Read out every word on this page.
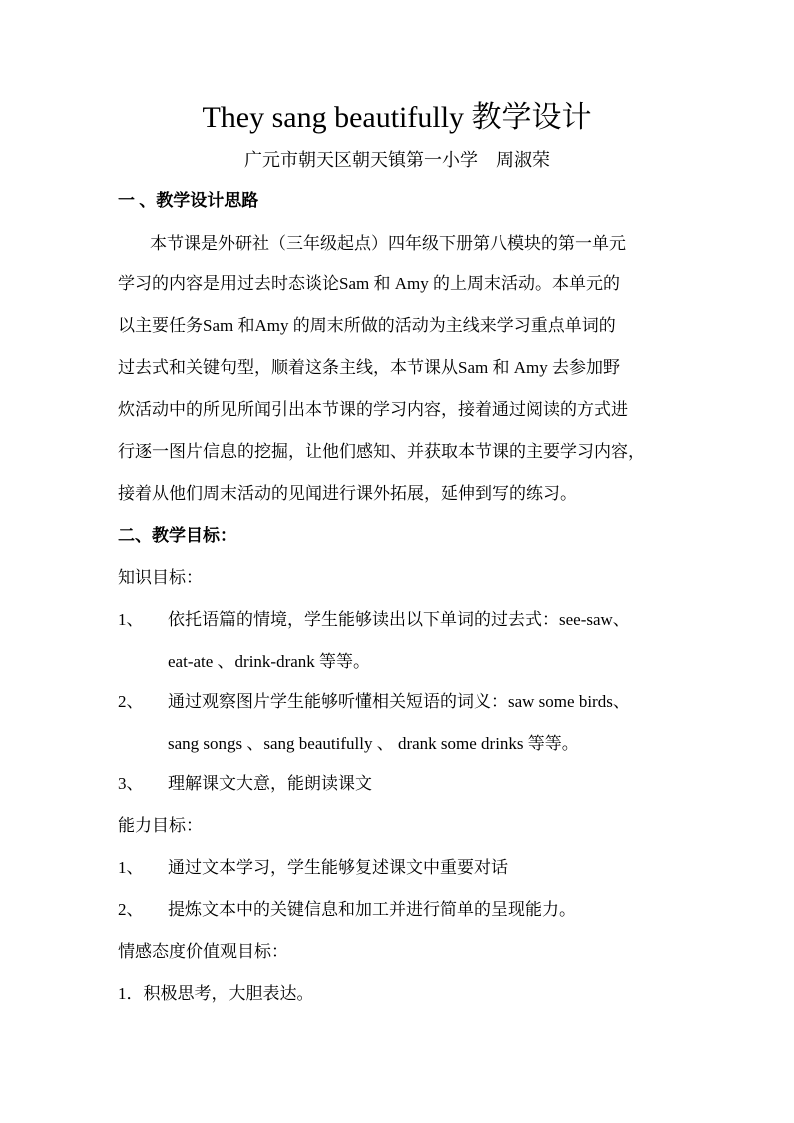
They sang beautifully 教学设计
广元市朝天区朝天镇第一小学　周淑荣
一 、教学设计思路
本节课是外研社（三年级起点）四年级下册第八模块的第一单元
学习的内容是用过去时态谈论Sam 和 Amy 的上周末活动。本单元的
以主要任务Sam 和Amy 的周末所做的活动为主线来学习重点单词的
过去式和关键句型，顺着这条主线，本节课从Sam 和 Amy 去参加野
炊活动中的所见所闻引出本节课的学习内容，接着通过阅读的方式进
行逐一图片信息的挖掘，让他们感知、并获取本节课的主要学习内容，
接着从他们周末活动的见闻进行课外拓展，延伸到写的练习。
二、教学目标：
知识目标：
1、 依托语篇的情境，学生能够读出以下单词的过去式：see-saw、
eat-ate 、drink-drank 等等。
2、 通过观察图片学生能够听懂相关短语的词义：saw some birds、
sang songs 、sang beautifully 、 drank some drinks 等等。
3、 理解课文大意，能朗读课文
能力目标：
1、 通过文本学习，学生能够复述课文中重要对话
2、 提炼文本中的关键信息和加工并进行简单的呈现能力。
情感态度价值观目标：
1．积极思考，大胆表达。
